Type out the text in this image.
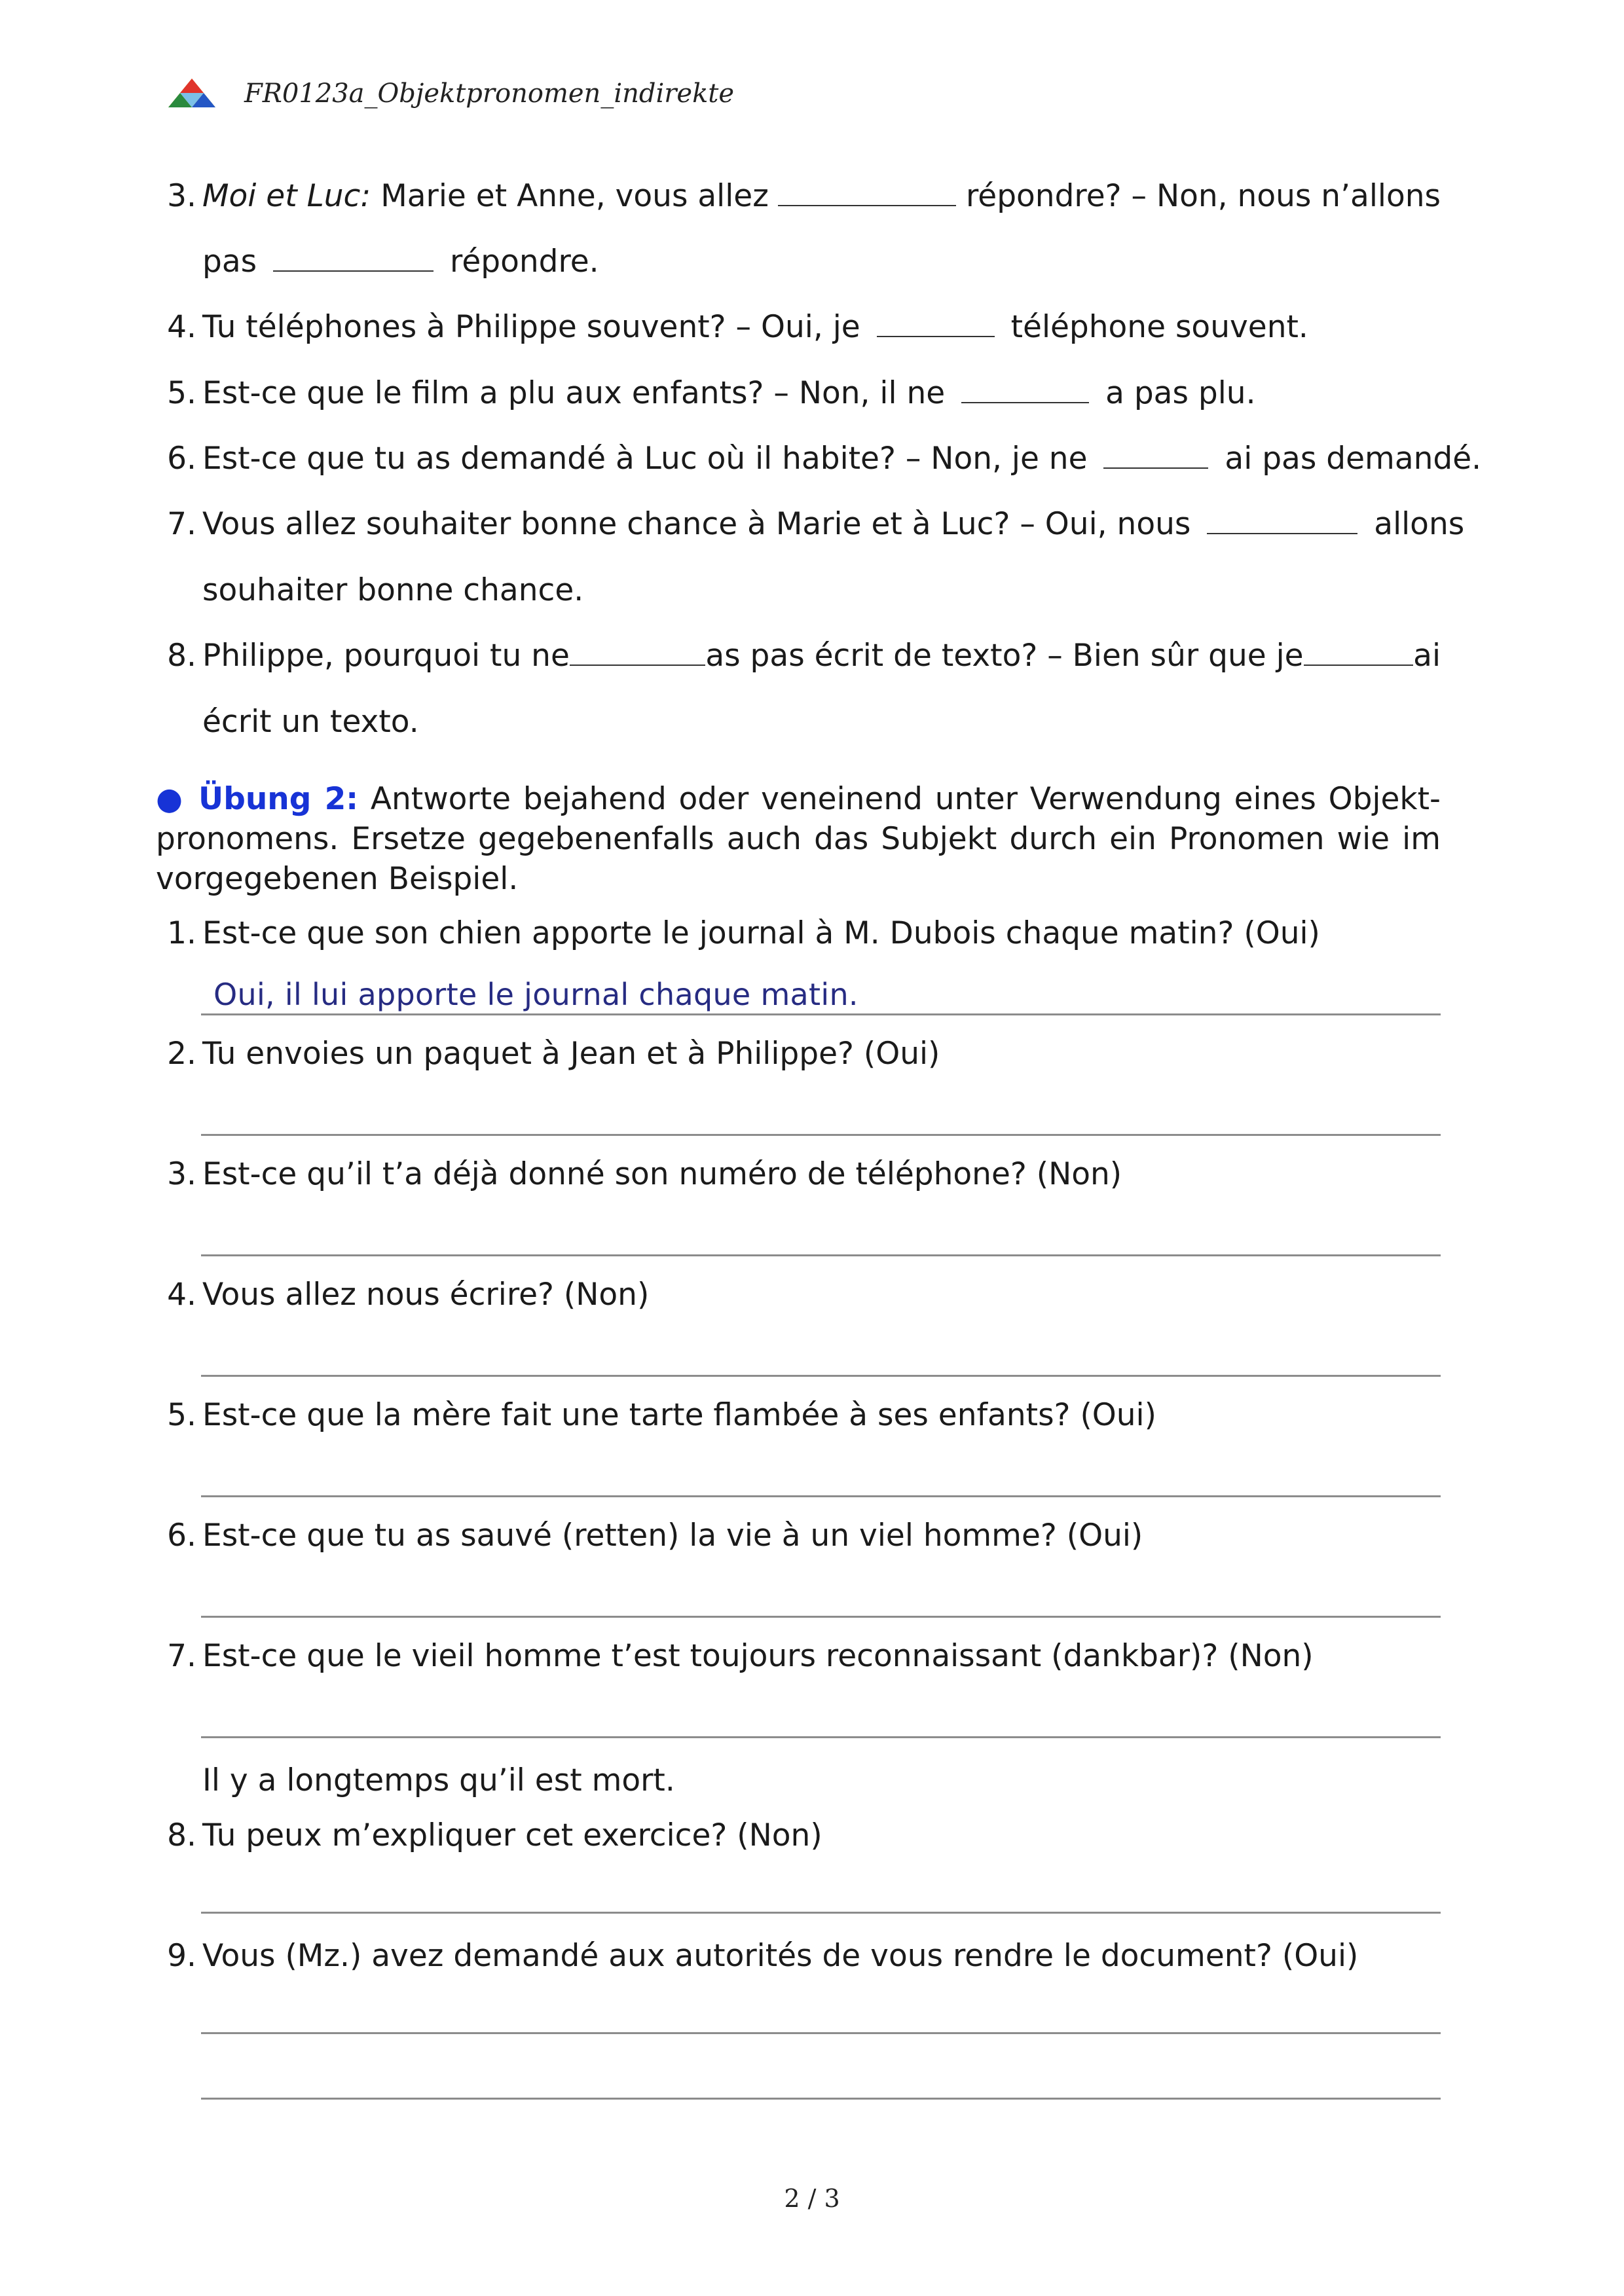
FR0123a_Objektpronomen_indirekte
3. Moi et Luc: Marie et Anne, vous allez	répondre? – Non, nous n’allons
pas	répondre.
4. Tu téléphones à Philippe souvent? – Oui, je	téléphone souvent.
5. Est-ce que le film a plu aux enfants? – Non, il ne	a pas plu.
6. Est-ce que tu as demandé à Luc où il habite? – Non, je ne	ai pas demandé.
7. Vous allez souhaiter bonne chance à Marie et à Luc? – Oui, nous	allons
souhaiter bonne chance.
8. Philippe, pourquoi tu ne	as pas écrit de texto? – Bien sûr que je	ai
écrit un texto.
● Übung 2: Antworte bejahend oder veneinend unter Verwendung eines Objektpronomens. Ersetze gegebenenfalls auch das Subjekt durch ein Pronomen wie im vorgegebenen Beispiel.
1. Est-ce que son chien apporte le journal à M. Dubois chaque matin? (Oui)
Oui, il lui apporte le journal chaque matin.
2. Tu envoies un paquet à Jean et à Philippe? (Oui)
3. Est-ce qu’il t’a déjà donné son numéro de téléphone? (Non)
4. Vous allez nous écrire? (Non)
5. Est-ce que la mère fait une tarte flambée à ses enfants? (Oui)
6. Est-ce que tu as sauvé (retten) la vie à un viel homme? (Oui)
7. Est-ce que le vieil homme t’est toujours reconnaissant (dankbar)? (Non)
Il y a longtemps qu’il est mort.
8. Tu peux m’expliquer cet exercice? (Non)
9. Vous (Mz.) avez demandé aux autorités de vous rendre le document? (Oui)
2 / 3
